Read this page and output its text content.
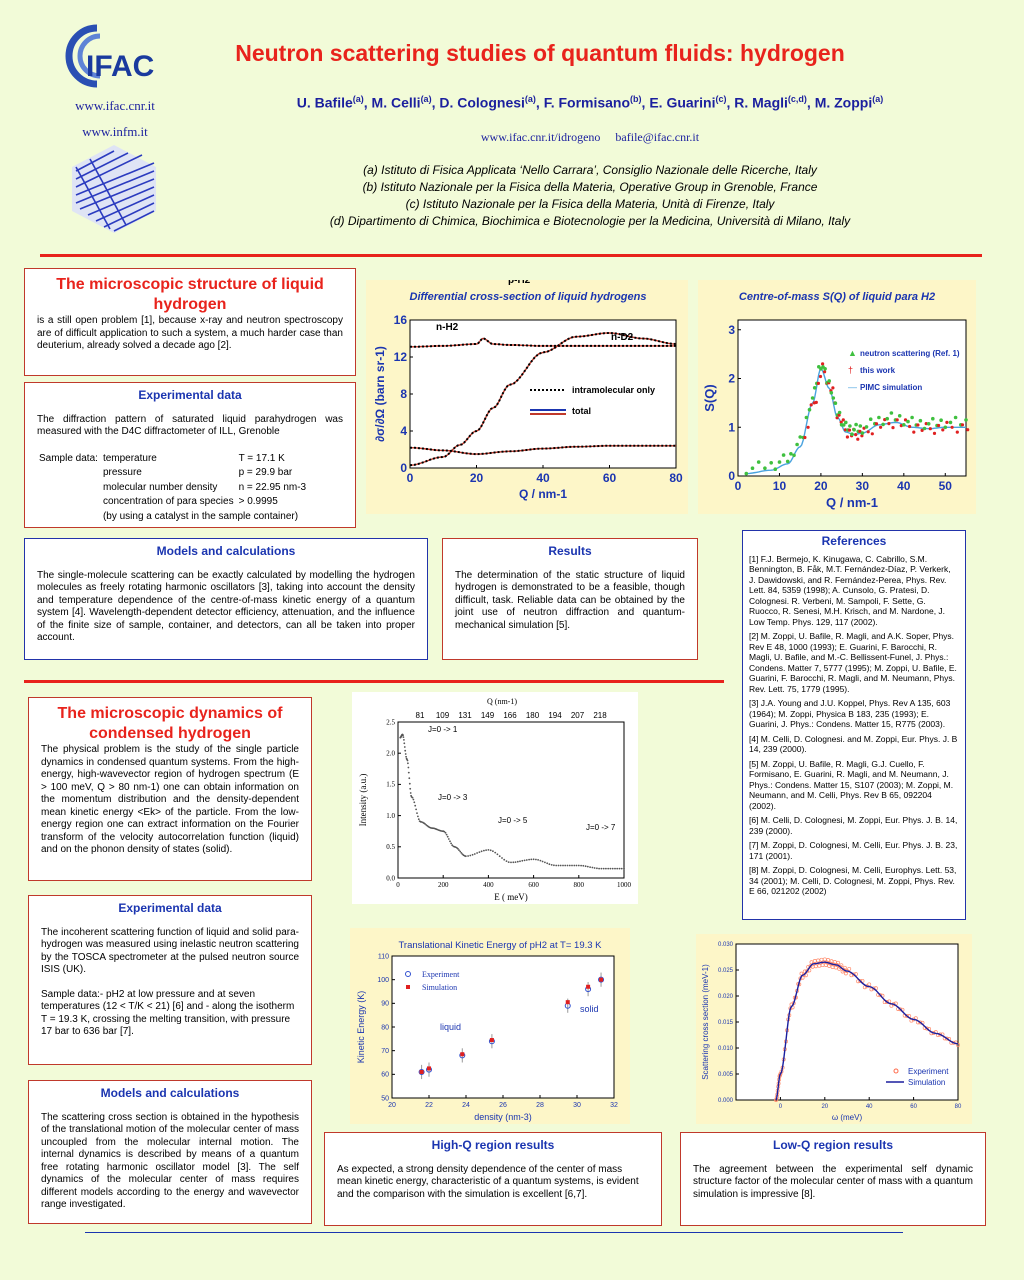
IFAC	Neutron scattering studies of quantum fluids: hydrogen
www.ifac.cnr.it
www.infm.it
U. Bafile$^{(a)}$, M. Celli$^{(a)}$, D. Colognesi$^{(a)}$, F. Formisano$^{(b)}$, E. Guarini$^{(c)}$, R. Magli$^{(c,d)}$, M. Zoppi$^{(a)}$
www.ifac.cnr.it/idrogeno bafile@ifac.cnr.it
(a) Istituto di Fisica Applicata ‘Nello Carrara’, Consiglio Nazionale delle Ricerche, Italy
(b) Istituto Nazionale per la Fisica della Materia, Operative Group in Grenoble, France
(c) Istituto Nazionale per la Fisica della Materia, Unità di Firenze, Italy
(d) Dipartimento di Chimica, Biochimica e Biotecnologie per la Medicina, Università di Milano, Italy
The microscopic structure of liquid hydrogen

is a still open problem [1], because x-ray and neutron spectroscopy are of difficult application to such a system, a much harder case than deuterium, already solved a decade ago [2].

Experimental data

The diffraction pattern of saturated liquid parahydrogen was measured with the D4C diffractometer of ILL, Grenoble

Sample data:	temperature	T = 17.1 K
	pressure	p = 29.9 bar
	molecular number density	n = 22.95 nm-3
	concentration of para species	> 0.9995
	(by using a catalyst in the sample container)	
Differential cross-section of liquid hydrogens
0	20	40	60	80
0
4
8
12
16
Q / nm-1
∂σ/∂Ω (barn sr-1)
n-H2
p-H2
n-D2
intramolecular only
total
Centre-of-mass S(Q) of liquid para H2
0	10 20 30 40 50
0
1
2
3
Q / nm-1
S(Q)
▲ neutron scattering (Ref. 1)
† this work
— PIMC simulation
Models and calculations

The single-molecule scattering can be exactly calculated by modelling the hydrogen molecules as freely rotating harmonic oscillators [3], taking into account the density and temperature dependence of the centre-of-mass kinetic energy of a quantum system [4]. Wavelength-dependent detector efficiency, attenuation, and the influence of the finite size of sample, container, and detectors, can all be taken into proper account.

Results

The determination of the static structure of liquid hydrogen is demonstrated to be a feasible, though difficult, task. Reliable data can be obtained by the joint use of neutron diffraction and quantum-mechanical simulation [5].

References

[1] F.J. Bermejo, K. Kinugawa, C. Cabrillo, S.M. Bennington, B. Fåk, M.T. Fernández-Díaz, P. Verkerk, J. Dawidowski, and R. Fernández-Perea, Phys. Rev. Lett. 84, 5359 (1998); A. Cunsolo, G. Pratesi, D. Colognesi. R. Verbeni, M. Sampoli, F. Sette, G. Ruocco, R. Senesi, M.H. Krisch, and M. Nardone, J. Low Temp. Phys. 129, 117 (2002).

[2] M. Zoppi, U. Bafile, R. Magli, and A.K. Soper, Phys. Rev E 48, 1000 (1993); E. Guarini, F. Barocchi, R. Magli, U. Bafile, and M.-C. Bellissent-Funel, J. Phys.: Condens. Matter 7, 5777 (1995); M. Zoppi, U. Bafile, E. Guarini, F. Barocchi, R. Magli, and M. Neumann, Phys. Rev. Lett. 75, 1779 (1995).

[3] J.A. Young and J.U. Koppel, Phys. Rev A 135, 603 (1964); M. Zoppi, Physica B 183, 235 (1993); E. Guarini, J. Phys.: Condens. Matter 15, R775 (2003).

[4] M. Celli, D. Colognesi. and M. Zoppi, Eur. Phys. J. B 14, 239 (2000).

[5] M. Zoppi, U. Bafile, R. Magli, G.J. Cuello, F. Formisano, E. Guarini, R. Magli, and M. Neumann, J. Phys.: Condens. Matter 15, S107 (2003); M. Zoppi, M. Neumann, and M. Celli, Phys. Rev B 65, 092204 (2002).

[6] M. Celli, D. Colognesi, M. Zoppi, Eur. Phys. J. B. 14, 239 (2000).

[7] M. Zoppi, D. Colognesi, M. Celli, Eur. Phys. J. B. 23, 171 (2001).

[8] M. Zoppi, D. Colognesi, M. Celli, Europhys. Lett. 53, 34 (2001); M. Celli, D. Colognesi, M. Zoppi, Phys. Rev. E 66, 021202 (2002)

The microscopic dynamics of condensed hydrogen

The physical problem is the study of the single particle dynamics in condensed quantum systems. From the high-energy, high-wavevector region of hydrogen spectrum (E > 100 meV, Q > 80 nm-1) one can obtain information on the momentum distribution and the density-dependent mean kinetic energy <Ek> of the particle. From the low-energy region one can extract information on the Fourier transform of the velocity autocorrelation function (liquid) and on the phonon density of states (solid).

Experimental data

The incoherent scattering function of liquid and solid para-hydrogen was measured using inelastic neutron scattering by the TOSCA spectrometer at the pulsed neutron source ISIS (UK).

Sample data:- pH2 at low pressure and at seven temperatures (12 < T/K < 21) [6] and - along the isotherm T = 19.3 K, crossing the melting transition, with pressure 17 bar to 636 bar [7].

Models and calculations

The scattering cross section is obtained in the hypothesis of the translational motion of the molecular center of mass uncoupled from the molecular internal motion. The internal dynamics is described by means of a quantum free rotating harmonic oscillator model [3]. The self dynamics of the molecular center of mass requires different models according to the energy and wavevector range investigated.

0	200	400	600	800	1000
0.0
0.5
1.0
1.5
2.0
2.5
E ( meV)
Intensity (a.u.)
Q (nm-1)
81 109 131 149 166 180 194 207 218
J=0 -> 1
J=0 -> 3
J=0 -> 5
J=0 -> 7
Translational Kinetic Energy of pH2 at T= 19.3 K
20	22	24	26	28	30	32
50
60
70
80
90
100
110
density (nm-3)
Kinetic Energy (K)
Experiment
Simulation
liquid
solid
0	20	40	60	80
0.000
0.005
0.010
0.015
0.020
0.025
0.030
ω (meV)
Scattering cross section (meV-1)	Experiment
Simulation
High-Q region results

As expected, a strong density dependence of the center of mass mean kinetic energy, characteristic of a quantum systems, is evident and the comparison with the simulation is excellent [6,7].

Low-Q region results

The agreement between the experimental self dynamic structure factor of the molecular center of mass with a quantum simulation is impressive [8].
